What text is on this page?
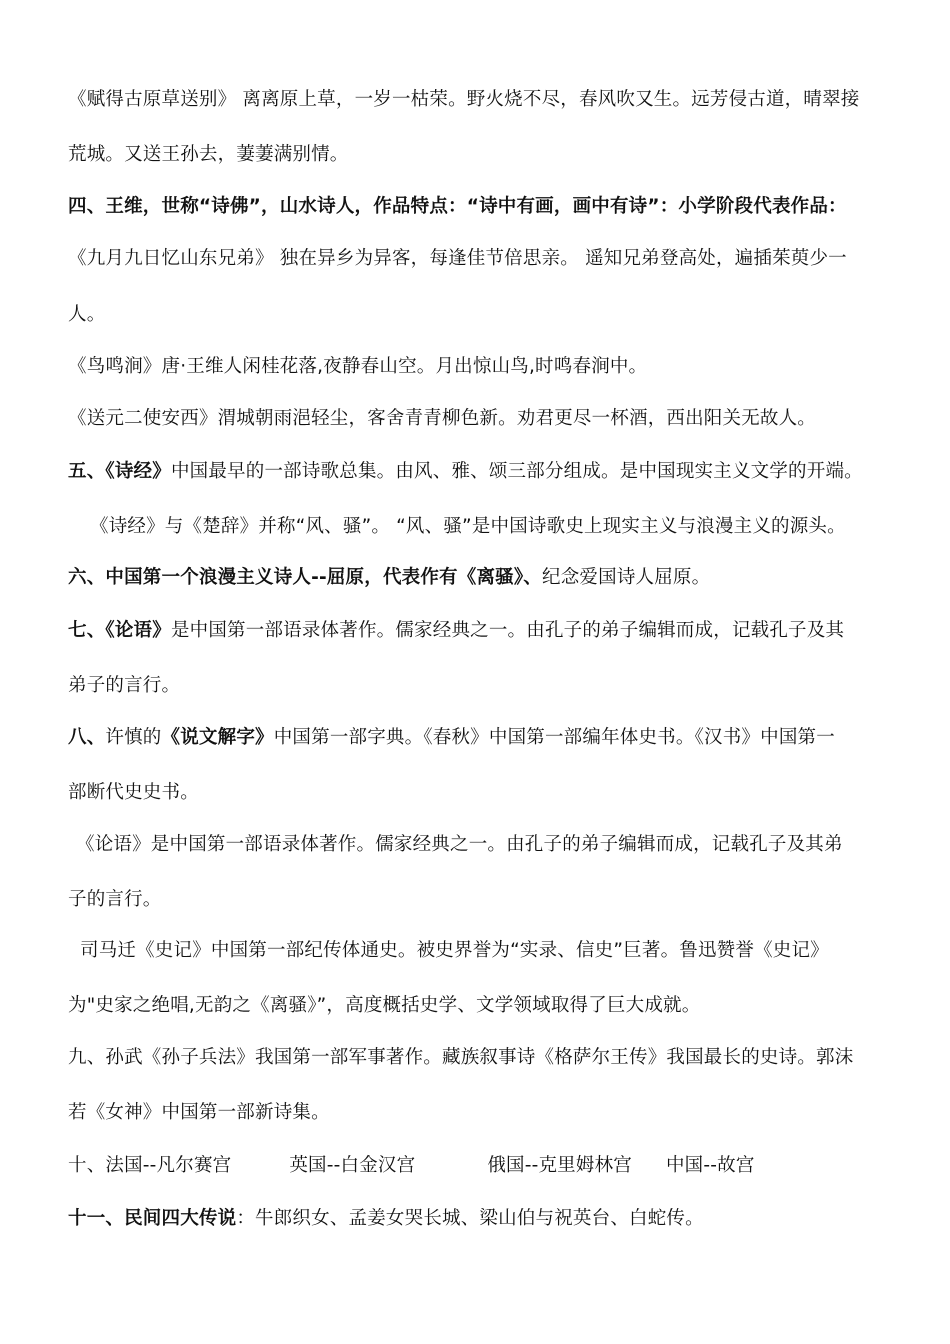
《赋得古原草送别》 离离原上草，一岁一枯荣。野火烧不尽，春风吹又生。远芳侵古道，晴翠接

荒城。又送王孙去，萋萋满别情。

四、王维，世称“诗佛”，山水诗人，作品特点：“诗中有画，画中有诗”：小学阶段代表作品：

《九月九日忆山东兄弟》 独在异乡为异客，每逢佳节倍思亲。 遥知兄弟登高处，遍插茱萸少一

人。

《鸟鸣涧》唐·王维人闲桂花落,夜静春山空。月出惊山鸟,时鸣春涧中。

《送元二使安西》渭城朝雨浥轻尘，客舍青青柳色新。劝君更尽一杯酒，西出阳关无故人。

五、《诗经》中国最早的一部诗歌总集。由风、雅、颂三部分组成。是中国现实主义文学的开端。

《诗经》与《楚辞》并称“风、骚”。 “风、骚”是中国诗歌史上现实主义与浪漫主义的源头。

六、中国第一个浪漫主义诗人--屈原，代表作有《离骚》、纪念爱国诗人屈原。

七、《论语》是中国第一部语录体著作。儒家经典之一。由孔子的弟子编辑而成，记载孔子及其

弟子的言行。

八、许慎的《说文解字》中国第一部字典。《春秋》中国第一部编年体史书。《汉书》中国第一

部断代史史书。

《论语》是中国第一部语录体著作。儒家经典之一。由孔子的弟子编辑而成，记载孔子及其弟

子的言行。

司马迁《史记》中国第一部纪传体通史。被史界誉为“实录、信史”巨著。鲁迅赞誉《史记》

为"史家之绝唱,无韵之《离骚》”，高度概括史学、文学领域取得了巨大成就。

九、孙武《孙子兵法》我国第一部军事著作。藏族叙事诗《格萨尔王传》我国最长的史诗。郭沫

若《女神》中国第一部新诗集。

十、法国--凡尔赛宫	英国--白金汉宫	俄国--克里姆林宫 中国--故宫

十一、民间四大传说：牛郎织女、孟姜女哭长城、梁山伯与祝英台、白蛇传。
